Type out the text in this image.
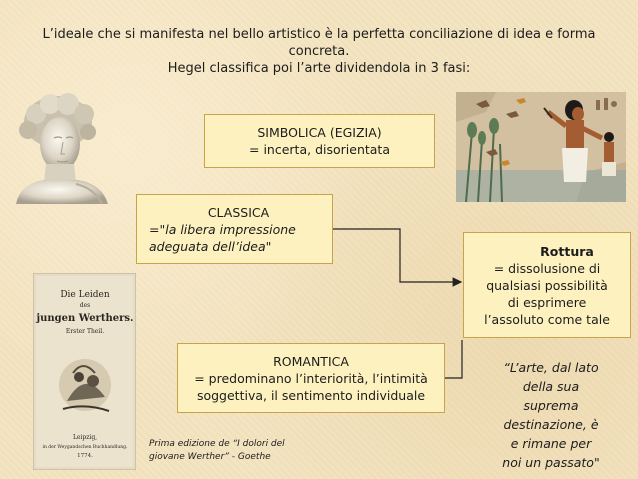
L’ideale che si manifesta nel bello artistico è la perfetta conciliazione di idea e forma
concreta.
Hegel classifica poi l’arte dividendola in 3 fasi:
Die Leiden
des
jungen Werthers.
Erster Theil.
Leipzig,
in der Weygandschen Buchhandlung.
1774.
SIMBOLICA (EGIZIA)
= incerta, disorientata
CLASSICA
="la libera impressione
adeguata dell’idea"
ROMANTICA
= predominano l’interiorità, l’intimità
soggettiva, il sentimento individuale
Rottura
= dissolusione di
qualsiasi possibilità
di esprimere
l’assoluto come tale
“L’arte, dal lato
della sua
suprema
destinazione, è
e rimane per
noi un passato"
Prima edizione de “I dolori del
giovane Werther” - Goethe
